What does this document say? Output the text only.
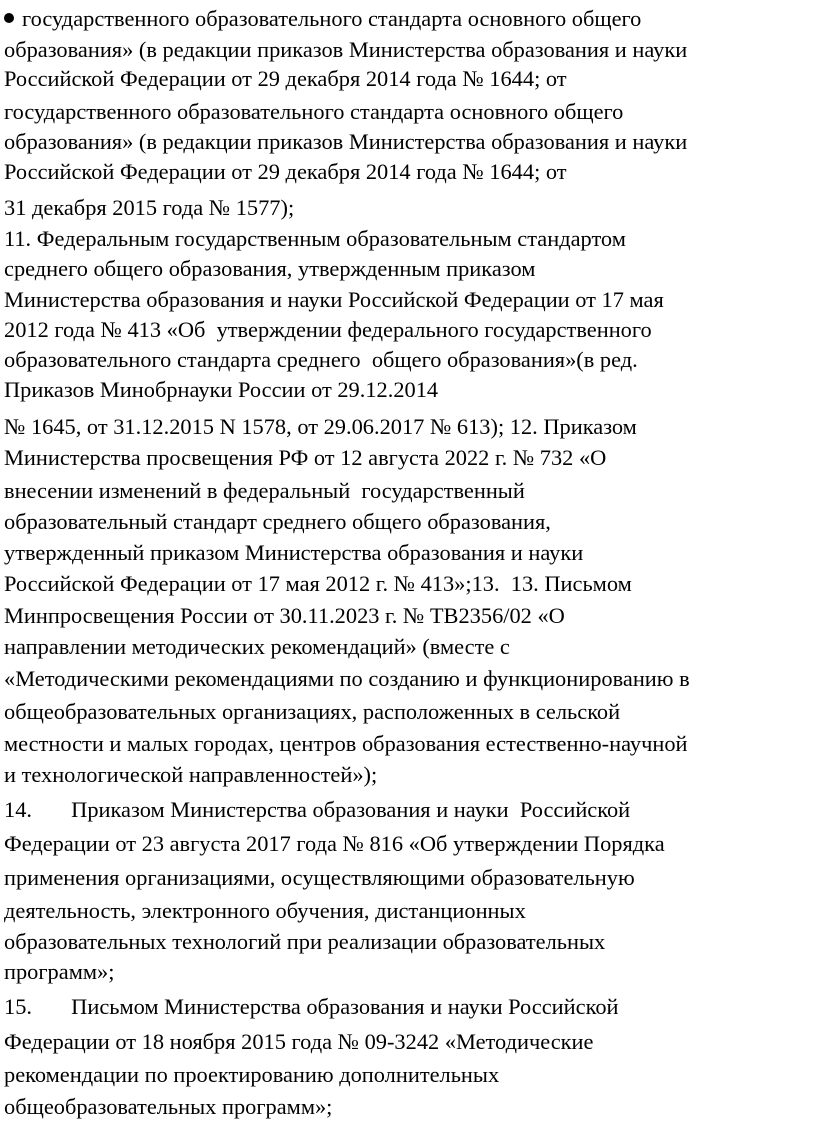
государственного образовательного стандарта основного общего
образования» (в редакции приказов Министерства образования и науки
Российской Федерации от 29 декабря 2014 года № 1644; от
государственного образовательного стандарта основного общего
образования» (в редакции приказов Министерства образования и науки
Российской Федерации от 29 декабря 2014 года № 1644; от
31 декабря 2015 года № 1577);
11. Федеральным государственным образовательным стандартом
среднего общего образования, утвержденным приказом
Министерства образования и науки Российской Федерации от 17 мая
2012 года № 413 «Об  утверждении федерального государственного
образовательного стандарта среднего  общего образования»(в ред.
Приказов Минобрнауки России от 29.12.2014
№ 1645, от 31.12.2015 N 1578, от 29.06.2017 № 613); 12. Приказом
Министерства просвещения РФ от 12 августа 2022 г. № 732 «О
внесении изменений в федеральный  государственный
образовательный стандарт среднего общего образования,
утвержденный приказом Министерства образования и науки
Российской Федерации от 17 мая 2012 г. № 413»;13.  13. Письмом
Минпросвещения России от 30.11.2023 г. № ТВ2356/02 «О
направлении методических рекомендаций» (вместе с
«Методическими рекомендациями по созданию и функционированию в
общеобразовательных организациях, расположенных в сельской
местности и малых городах, центров образования естественно-научной
и технологической направленностей»);
14.       Приказом Министерства образования и науки  Российской
Федерации от 23 августа 2017 года № 816 «Об утверждении Порядка
применения организациями, осуществляющими образовательную
деятельность, электронного обучения, дистанционных
образовательных технологий при реализации образовательных
программ»;
15.       Письмом Министерства образования и науки Российской
Федерации от 18 ноября 2015 года № 09-3242 «Методические
рекомендации по проектированию дополнительных
общеобразовательных программ»;
